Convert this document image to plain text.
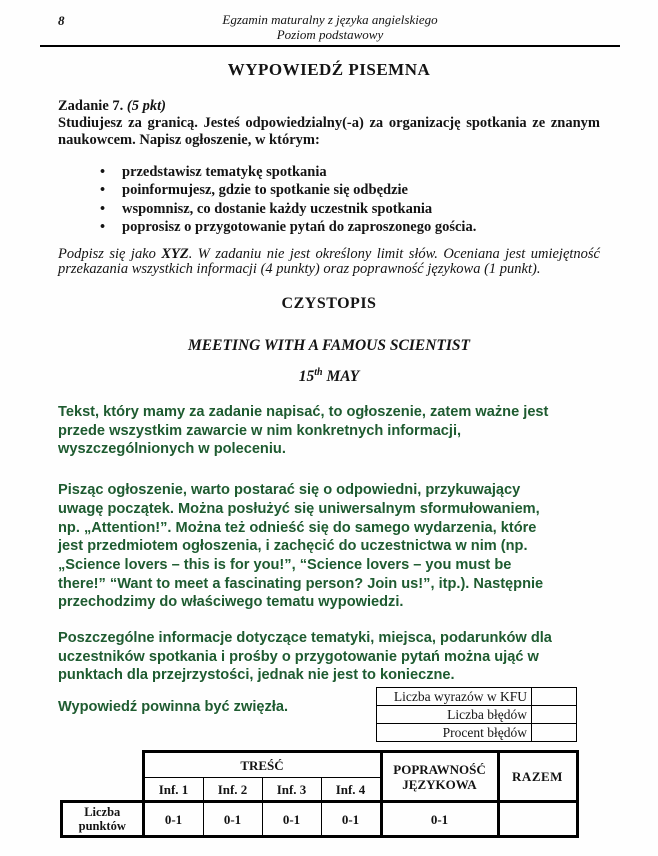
8	Egzamin maturalny z języka angielskiego
Poziom podstawowy
WYPOWIEDŹ PISEMNA
Zadanie 7. (5 pkt)

Studiujesz za granicą. Jesteś odpowiedzialny(-a) za organizację spotkania ze znanym naukowcem. Napisz ogłoszenie, w którym:

• przedstawisz tematykę spotkania
• poinformujesz, gdzie to spotkanie się odbędzie
• wspomnisz, co dostanie każdy uczestnik spotkania
• poprosisz o przygotowanie pytań do zaproszonego gościa.

Podpisz się jako XYZ. W zadaniu nie jest określony limit słów. Oceniana jest umiejętność przekazania wszystkich informacji (4 punkty) oraz poprawność językowa (1 punkt).

CZYSTOPIS
MEETING WITH A FAMOUS SCIENTIST
15th MAY

Tekst, który mamy za zadanie napisać, to ogłoszenie, zatem ważne jest przede wszystkim zawarcie w nim konkretnych informacji, wyszczególnionych w poleceniu.

Pisząc ogłoszenie, warto postarać się o odpowiedni, przykuwający uwagę początek. Można posłużyć się uniwersalnym sformułowaniem, np. „Attention!”. Można też odnieść się do samego wydarzenia, które jest przedmiotem ogłoszenia, i zachęcić do uczestnictwa w nim (np. „Science lovers – this is for you!”, “Science lovers – you must be there!” “Want to meet a fascinating person? Join us!”, itp.). Następnie przechodzimy do właściwego tematu wypowiedzi.

Poszczególne informacje dotyczące tematyki, miejsca, podarunków dla uczestników spotkania i prośby o przygotowanie pytań można ująć w punktach dla przejrzystości, jednak nie jest to konieczne.

Wypowiedź powinna być zwięzła.

Liczba wyrazów w KFU	
Liczba błędów	
Procent błędów	
	TREŚĆ				POPRAWNOŚĆ JĘZYKOWA	RAZEM
	Inf. 1	Inf. 2	Inf. 3	Inf. 4		

Liczba
punktów	0-1	0-1	0-1	0-1	0-1	
